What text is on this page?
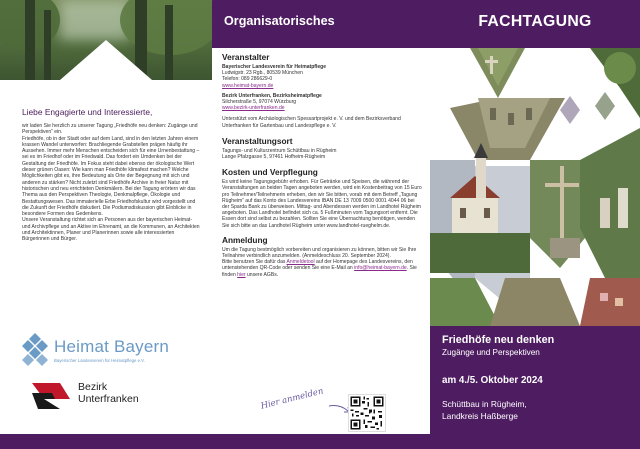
Liebe Engagierte und Interessierte,

wir laden Sie herzlich zu unserer Tagung „Friedhöfe neu denken: Zugänge und Perspektiven“ ein.

Friedhöfe, ob in der Stadt oder auf dem Land, sind in den letzten Jahren einem krassen Wandel unterworfen: Brachliegende Grabstellen prägen häufig ihr Aussehen. Immer mehr Menschen entscheiden sich für eine Urnenbestattung – sei es im Friedhof oder im Friedwald. Das fordert ein Umdenken bei der Gestaltung der Friedhöfe. Im Fokus steht dabei ebenso der ökologische Wert dieser grünen Oasen: Wie kann man Friedhöfe klimafest machen? Welche Möglichkeiten gibt es, ihre Bedeutung als Orte der Begegnung mit sich und anderen zu stärken? Nicht zuletzt sind Friedhöfe Archive in freier Natur mit historischen und neu errichteten Denkmälern. Bei der Tagung erörtern wir das Thema aus den Perspektiven Theologie, Denkmalpflege, Ökologie und Bestattungswesen. Das immaterielle Erbe Friedhofskultur wird vorgestellt und die Zukunft der Friedhöfe diskutiert. Die Podiumsdiskussion gibt Einblicke in besondere Formen des Gedenkens.

Unsere Veranstaltung richtet sich an Personen aus der bayerischen Heimat- und Archivpflege und an Aktive im Ehrenamt, an die Kommunen, an Architekten und Architektinnen, Planer und Planerinnen sowie alle interessierten Bürgerinnen und Bürger.

Heimat Bayern
Bayerischer Landesverein für Heimatpflege e.V.
Bezirk
Unterfranken
Organisatorisches
Veranstalter
Bayerischer Landesverein für Heimatpflege
Ludwigstr. 23 Rgb., 80539 München
Telefon: 089 286629-0
www.heimat-bayern.de
Bezirk Unterfranken, Bezirksheimatpflege
Silcherstraße 5, 97074 Würzburg
www.bezirk-unterfranken.de
Unterstützt vom Archäologischen Spessartprojekt e. V. und dem Bezirksverband Unterfranken für Gartenbau und Landespflege e. V.
Veranstaltungsort
Tagungs- und Kulturzentrum Schüttbau in Rügheim
Lange Pfalzgasse 5, 97461 Hofheim-Rügheim
Kosten und Verpflegung
Es wird keine Tagungsgebühr erhoben. Für Getränke und Speisen, die während der Veranstaltungen an beiden Tagen angeboten werden, wird ein Kostenbeitrag von 15 Euro pro Teilnehmer/Teilnehmerin erheben, den wir Sie bitten, vorab mit dem Betreff „Tagung Rügheim“ auf das Konto des Landesvereins IBAN DE 13 7009 0500 0001 4044 06 bei der Sparda Bank zu überweisen. Mittag- und Abendessen werden im Landhotel Rügheim angeboten. Das Landhotel befindet sich ca. 5 Fußminuten vom Tagungsort entfernt. Die Essen dort sind selbst zu bezahlen. Sollten Sie eine Übernachtung benötigen, wenden Sie sich bitte an das Landhotel Rügheim unter www.landhotel-rueghelm.de.
Anmeldung
Um die Tagung bestmöglich vorbereiten und organisieren zu können, bitten wir Sie Ihre Teilnahme verbindlich anzumelden. (Anmeldeschluss 20. September 2024).
Bitte benutzen Sie dafür das Anmeldetool auf der Homepage des Landesvereins, den untenstehenden QR-Code oder senden Sie eine E-Mail an info@heimat-bayern.de. Sie finden hier unsere AGBs.
Hier anmelden
FACHTAGUNG
Friedhöfe neu denken
Zugänge und Perspektiven
am 4./5. Oktober 2024
Schüttbau in Rügheim,
Landkreis Haßberge
